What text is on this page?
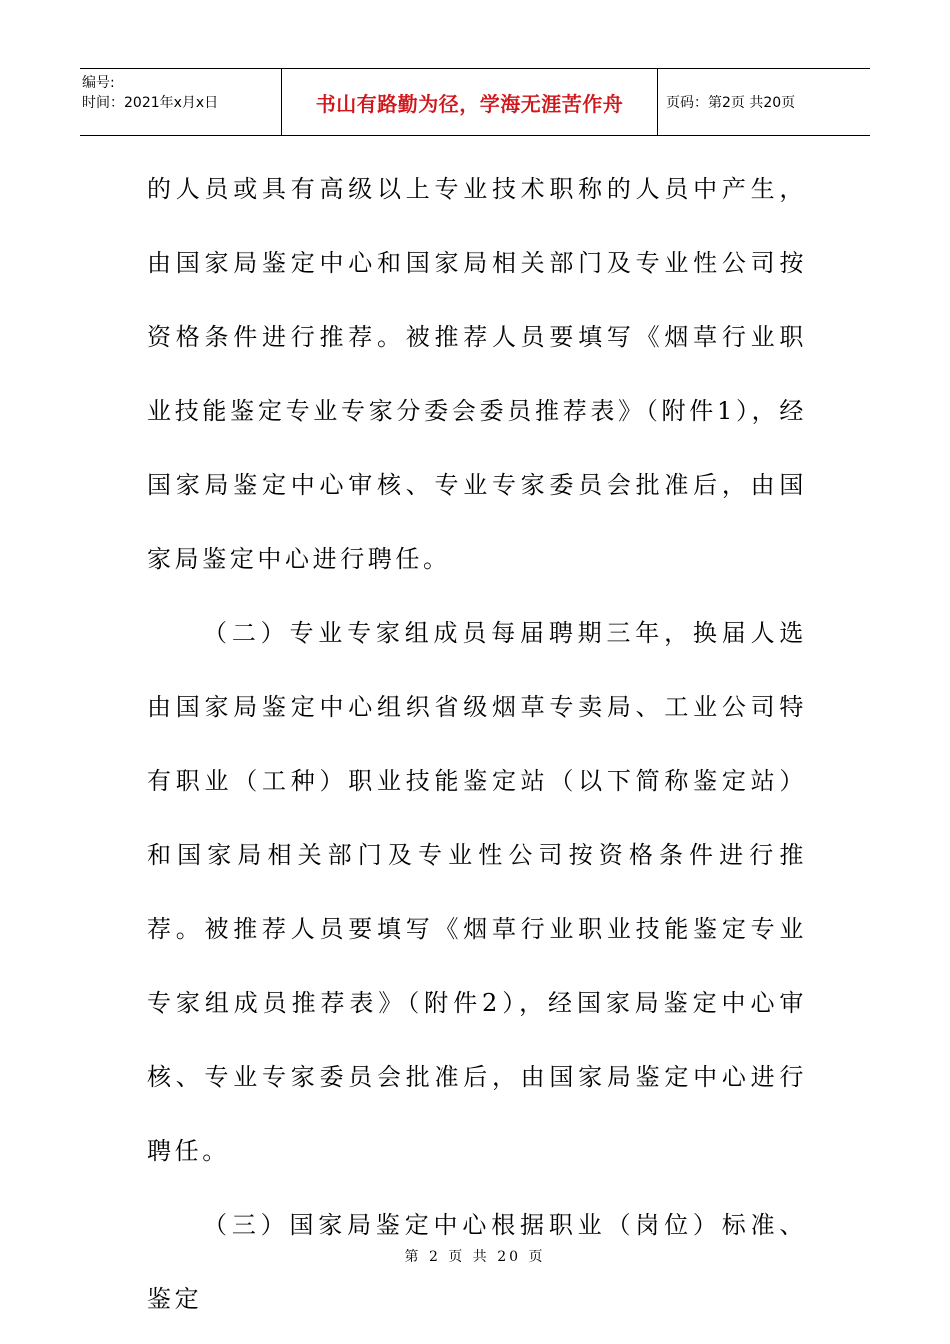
编号:
时间：2021年x月x日	书山有路勤为径，学海无涯苦作舟	页码：第2页 共20页

的人员或具有高级以上专业技术职称的人员中产生，由国家局鉴定中心和国家局相关部门及专业性公司按资格条件进行推荐。被推荐人员要填写《烟草行业职业技能鉴定专业专家分委会委员推荐表》（附件1），经国家局鉴定中心审核、专业专家委员会批准后，由国家局鉴定中心进行聘任。

（二）专业专家组成员每届聘期三年，换届人选由国家局鉴定中心组织省级烟草专卖局、工业公司特有职业（工种）职业技能鉴定站（以下简称鉴定站）和国家局相关部门及专业性公司按资格条件进行推荐。被推荐人员要填写《烟草行业职业技能鉴定专业专家组成员推荐表》（附件2），经国家局鉴定中心审核、专业专家委员会批准后，由国家局鉴定中心进行聘任。

（三）国家局鉴定中心根据职业（岗位）标准、鉴定

第 2 页 共 20 页
